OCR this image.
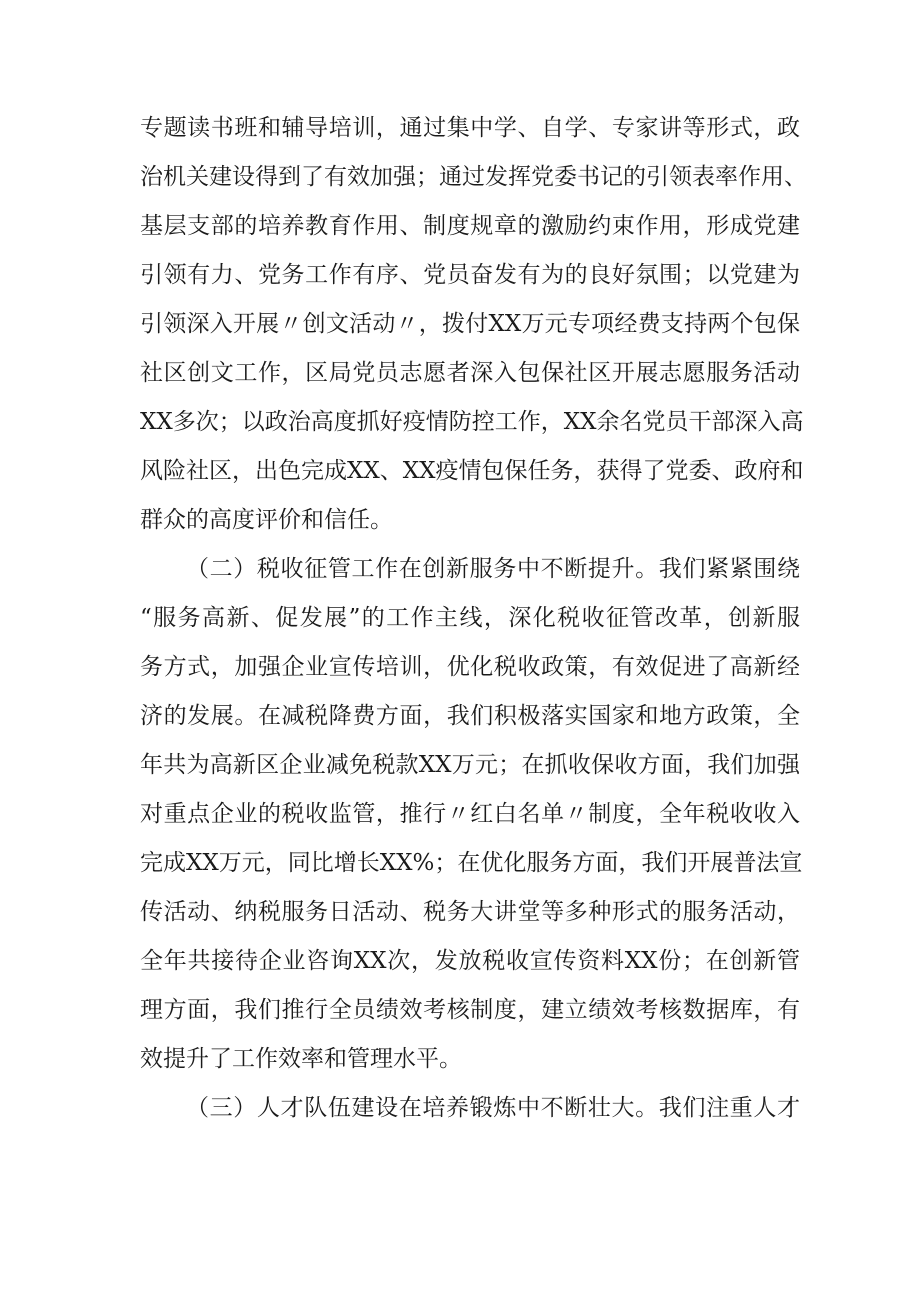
专题读书班和辅导培训，通过集中学、自学、专家讲等形式，政
治机关建设得到了有效加强；通过发挥党委书记的引领表率作用、
基层支部的培养教育作用、制度规章的激励约束作用，形成党建
引领有力、党务工作有序、党员奋发有为的良好氛围；以党建为
引领深入开展〃创文活动〃，拨付XX万元专项经费支持两个包保
社区创文工作，区局党员志愿者深入包保社区开展志愿服务活动
XX多次；以政治高度抓好疫情防控工作，XX余名党员干部深入高
风险社区，出色完成XX、XX疫情包保任务，获得了党委、政府和
群众的高度评价和信任。
（二）税收征管工作在创新服务中不断提升。我们紧紧围绕
“服务高新、促发展”的工作主线，深化税收征管改革，创新服
务方式，加强企业宣传培训，优化税收政策，有效促进了高新经
济的发展。在减税降费方面，我们积极落实国家和地方政策，全
年共为高新区企业减免税款XX万元；在抓收保收方面，我们加强
对重点企业的税收监管，推行〃红白名单〃制度，全年税收收入
完成XX万元，同比增长XX%；在优化服务方面，我们开展普法宣
传活动、纳税服务日活动、税务大讲堂等多种形式的服务活动，
全年共接待企业咨询XX次，发放税收宣传资料XX份；在创新管
理方面，我们推行全员绩效考核制度，建立绩效考核数据库，有
效提升了工作效率和管理水平。
（三）人才队伍建设在培养锻炼中不断壮大。我们注重人才
